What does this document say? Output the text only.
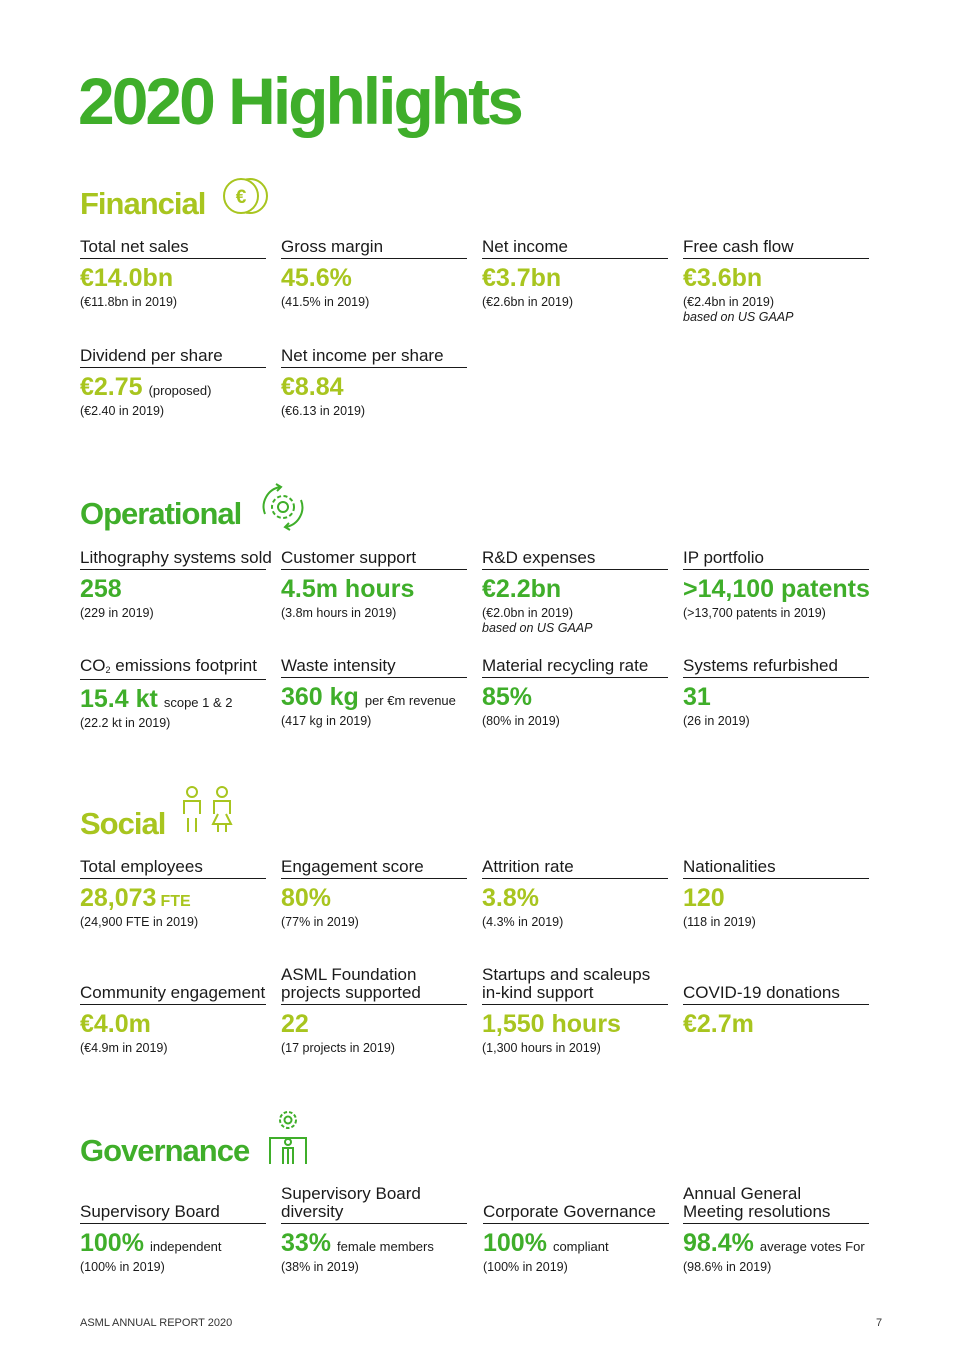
2020 Highlights
Financial €
Total net sales
€14.0bn
(€11.8bn in 2019)
Gross margin
45.6%
(41.5% in 2019)
Net income
€3.7bn
(€2.6bn in 2019)
Free cash flow
€3.6bn
(€2.4bn in 2019)
based on US GAAP
Dividend per share
€2.75 (proposed)
(€2.40 in 2019)
Net income per share
€8.84
(€6.13 in 2019)
Operational
Lithography systems sold
258
(229 in 2019)
Customer support
4.5m hours
(3.8m hours in 2019)
R&D expenses
€2.2bn
(€2.0bn in 2019)
based on US GAAP
IP portfolio
>14,100 patents
(>13,700 patents in 2019)
$CO_2$ emissions footprint
15.4 kt scope 1 & 2
(22.2 kt in 2019)
Waste intensity
360 kg per €m revenue
(417 kg in 2019)
Material recycling rate
85%
(80% in 2019)
Systems refurbished
31
(26 in 2019)
Social
Total employees
28,073 FTE
(24,900 FTE in 2019)
Engagement score
80%
(77% in 2019)
Attrition rate
3.8%
(4.3% in 2019)
Nationalities
120
(118 in 2019)
Community engagement
€4.0m
(€4.9m in 2019)
ASML Foundation
projects supported
22
(17 projects in 2019)
Startups and scaleups
in-kind support
1,550 hours
(1,300 hours in 2019)
COVID-19 donations
€2.7m
Governance
Supervisory Board
100% independent
(100% in 2019)
Supervisory Board
diversity
33% female members
(38% in 2019)
Corporate Governance
100% compliant
(100% in 2019)
Annual General
Meeting resolutions
98.4% average votes For
(98.6% in 2019)
ASML ANNUAL REPORT 2020	7
